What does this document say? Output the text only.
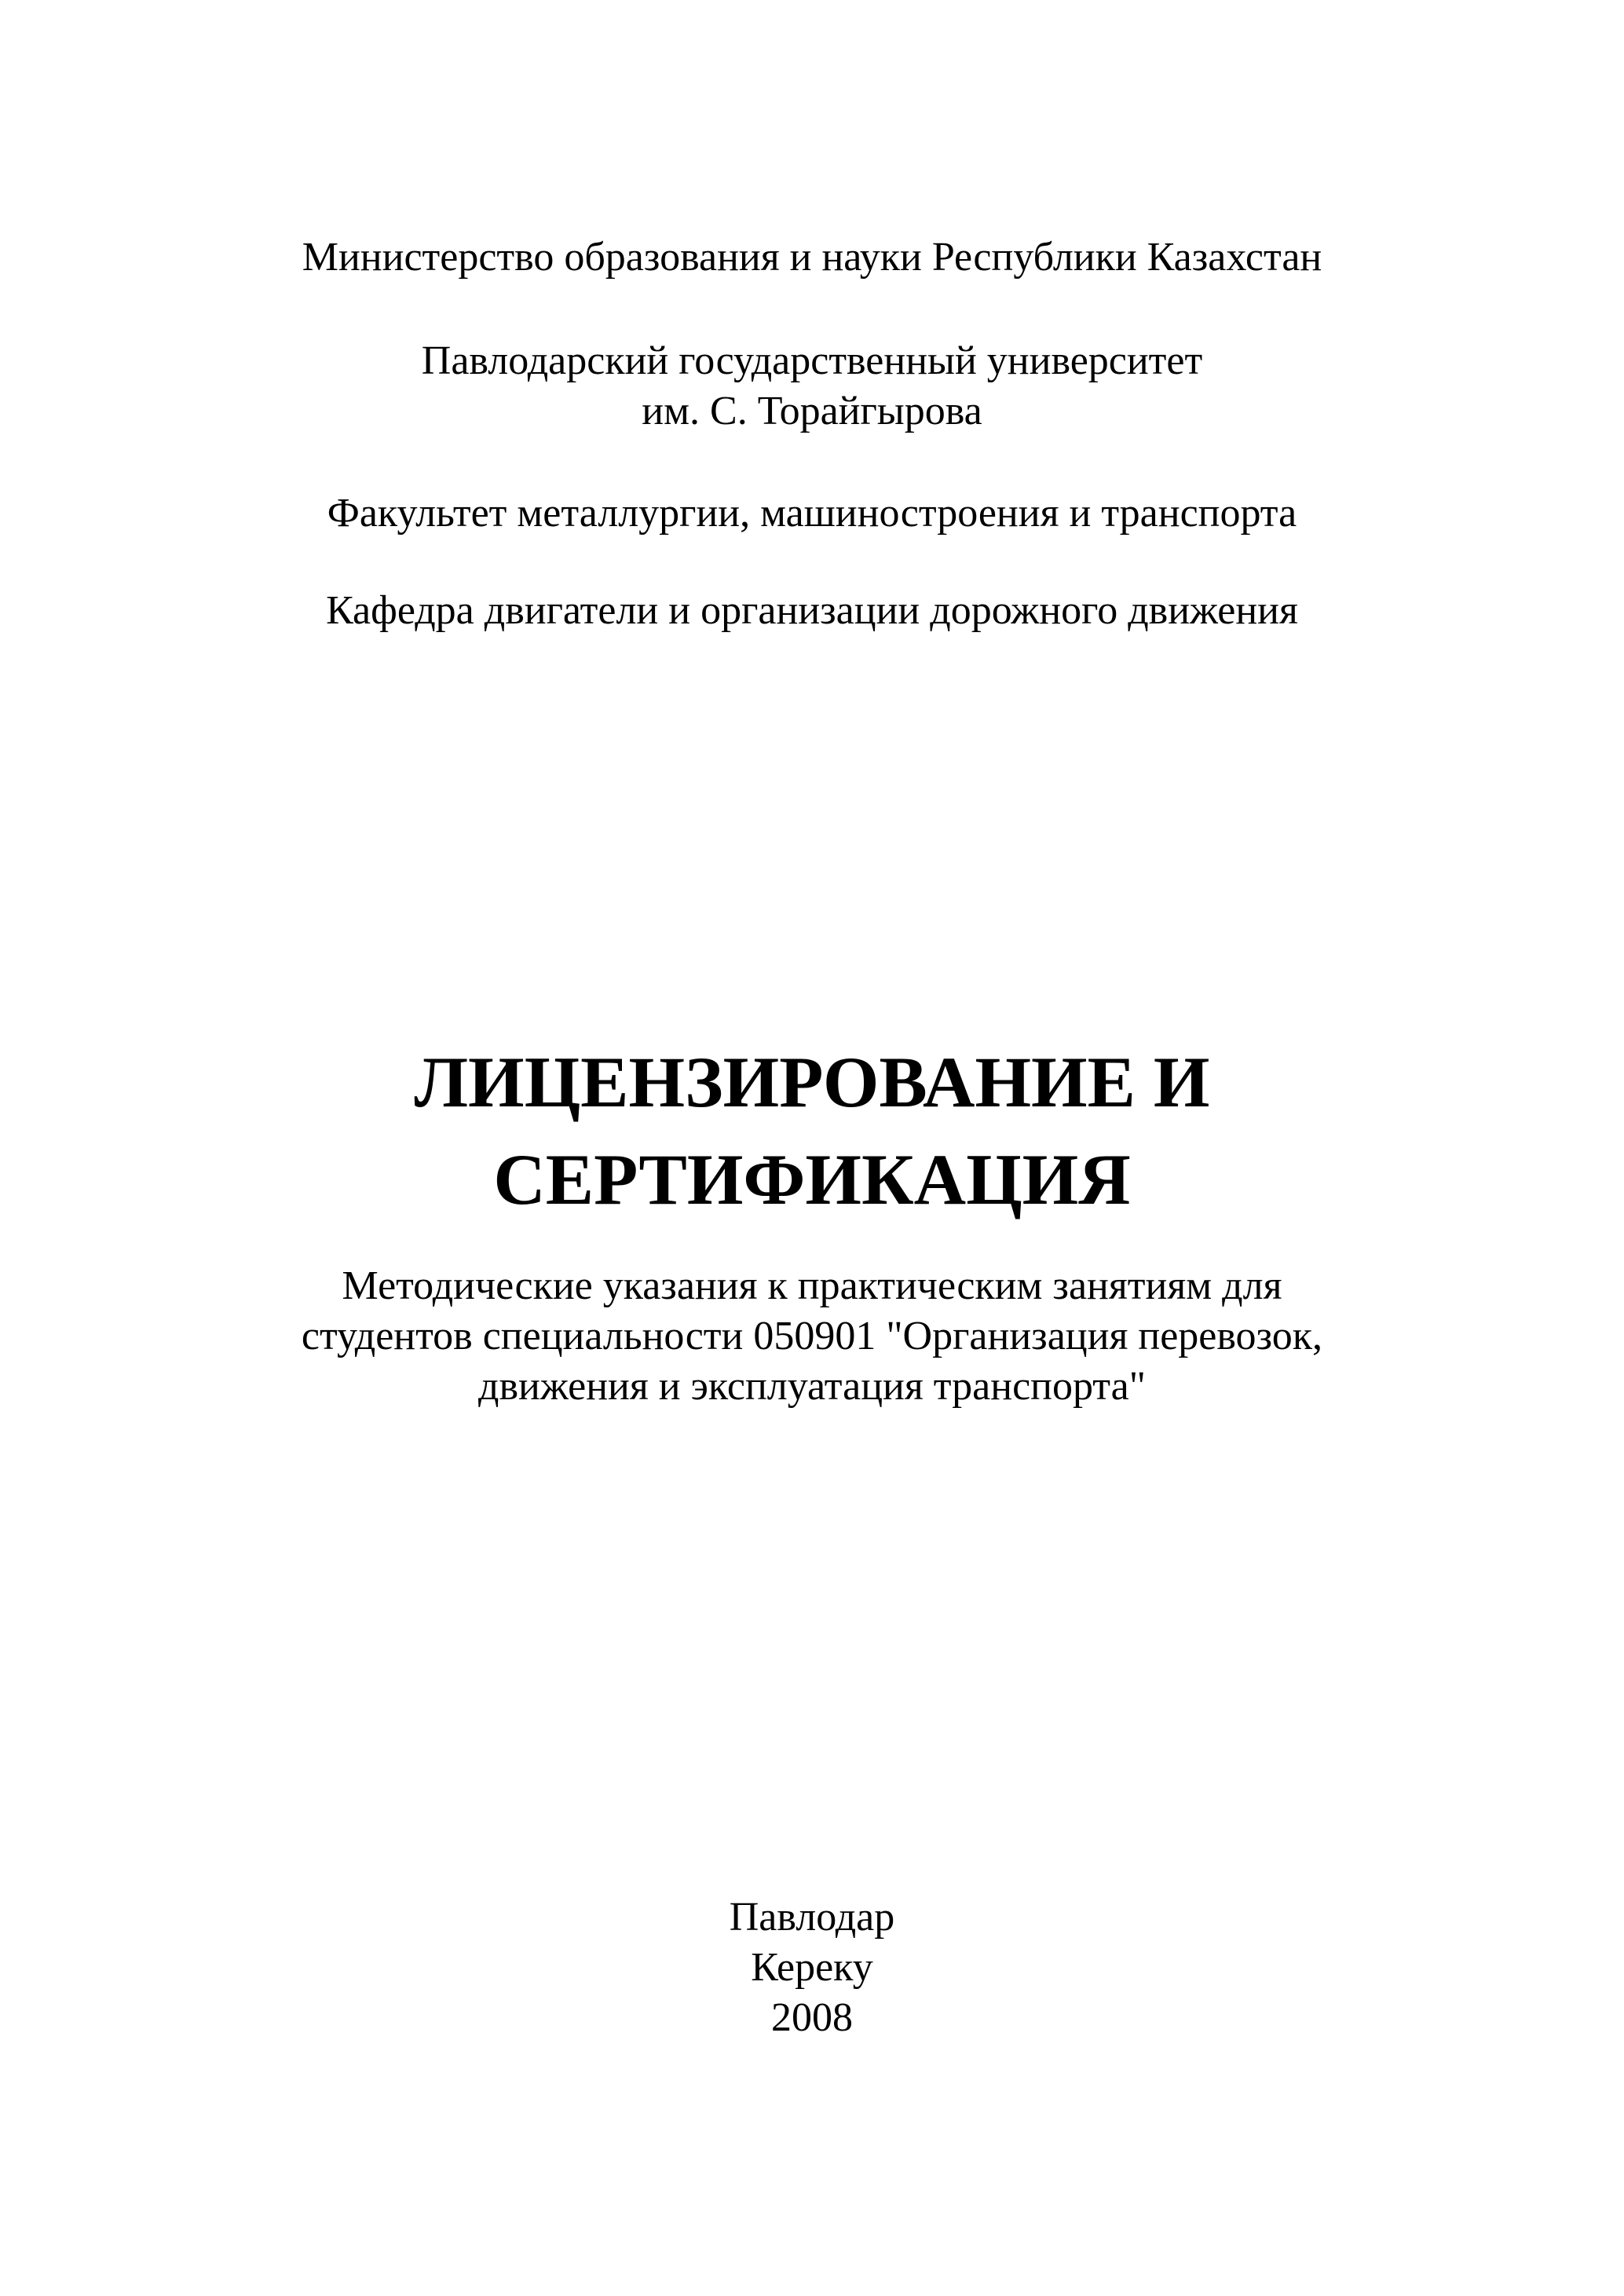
Министерство образования и науки Республики Казахстан
Павлодарский государственный университет
им. С. Торайгырова
Факультет металлургии, машиностроения и транспорта
Кафедра двигатели и организации дорожного движения
ЛИЦЕНЗИРОВАНИЕ И
СЕРТИФИКАЦИЯ
Методические указания к практическим занятиям для
студентов специальности 050901 "Организация перевозок,
движения и эксплуатация транспорта"
Павлодар
Кереку
2008
